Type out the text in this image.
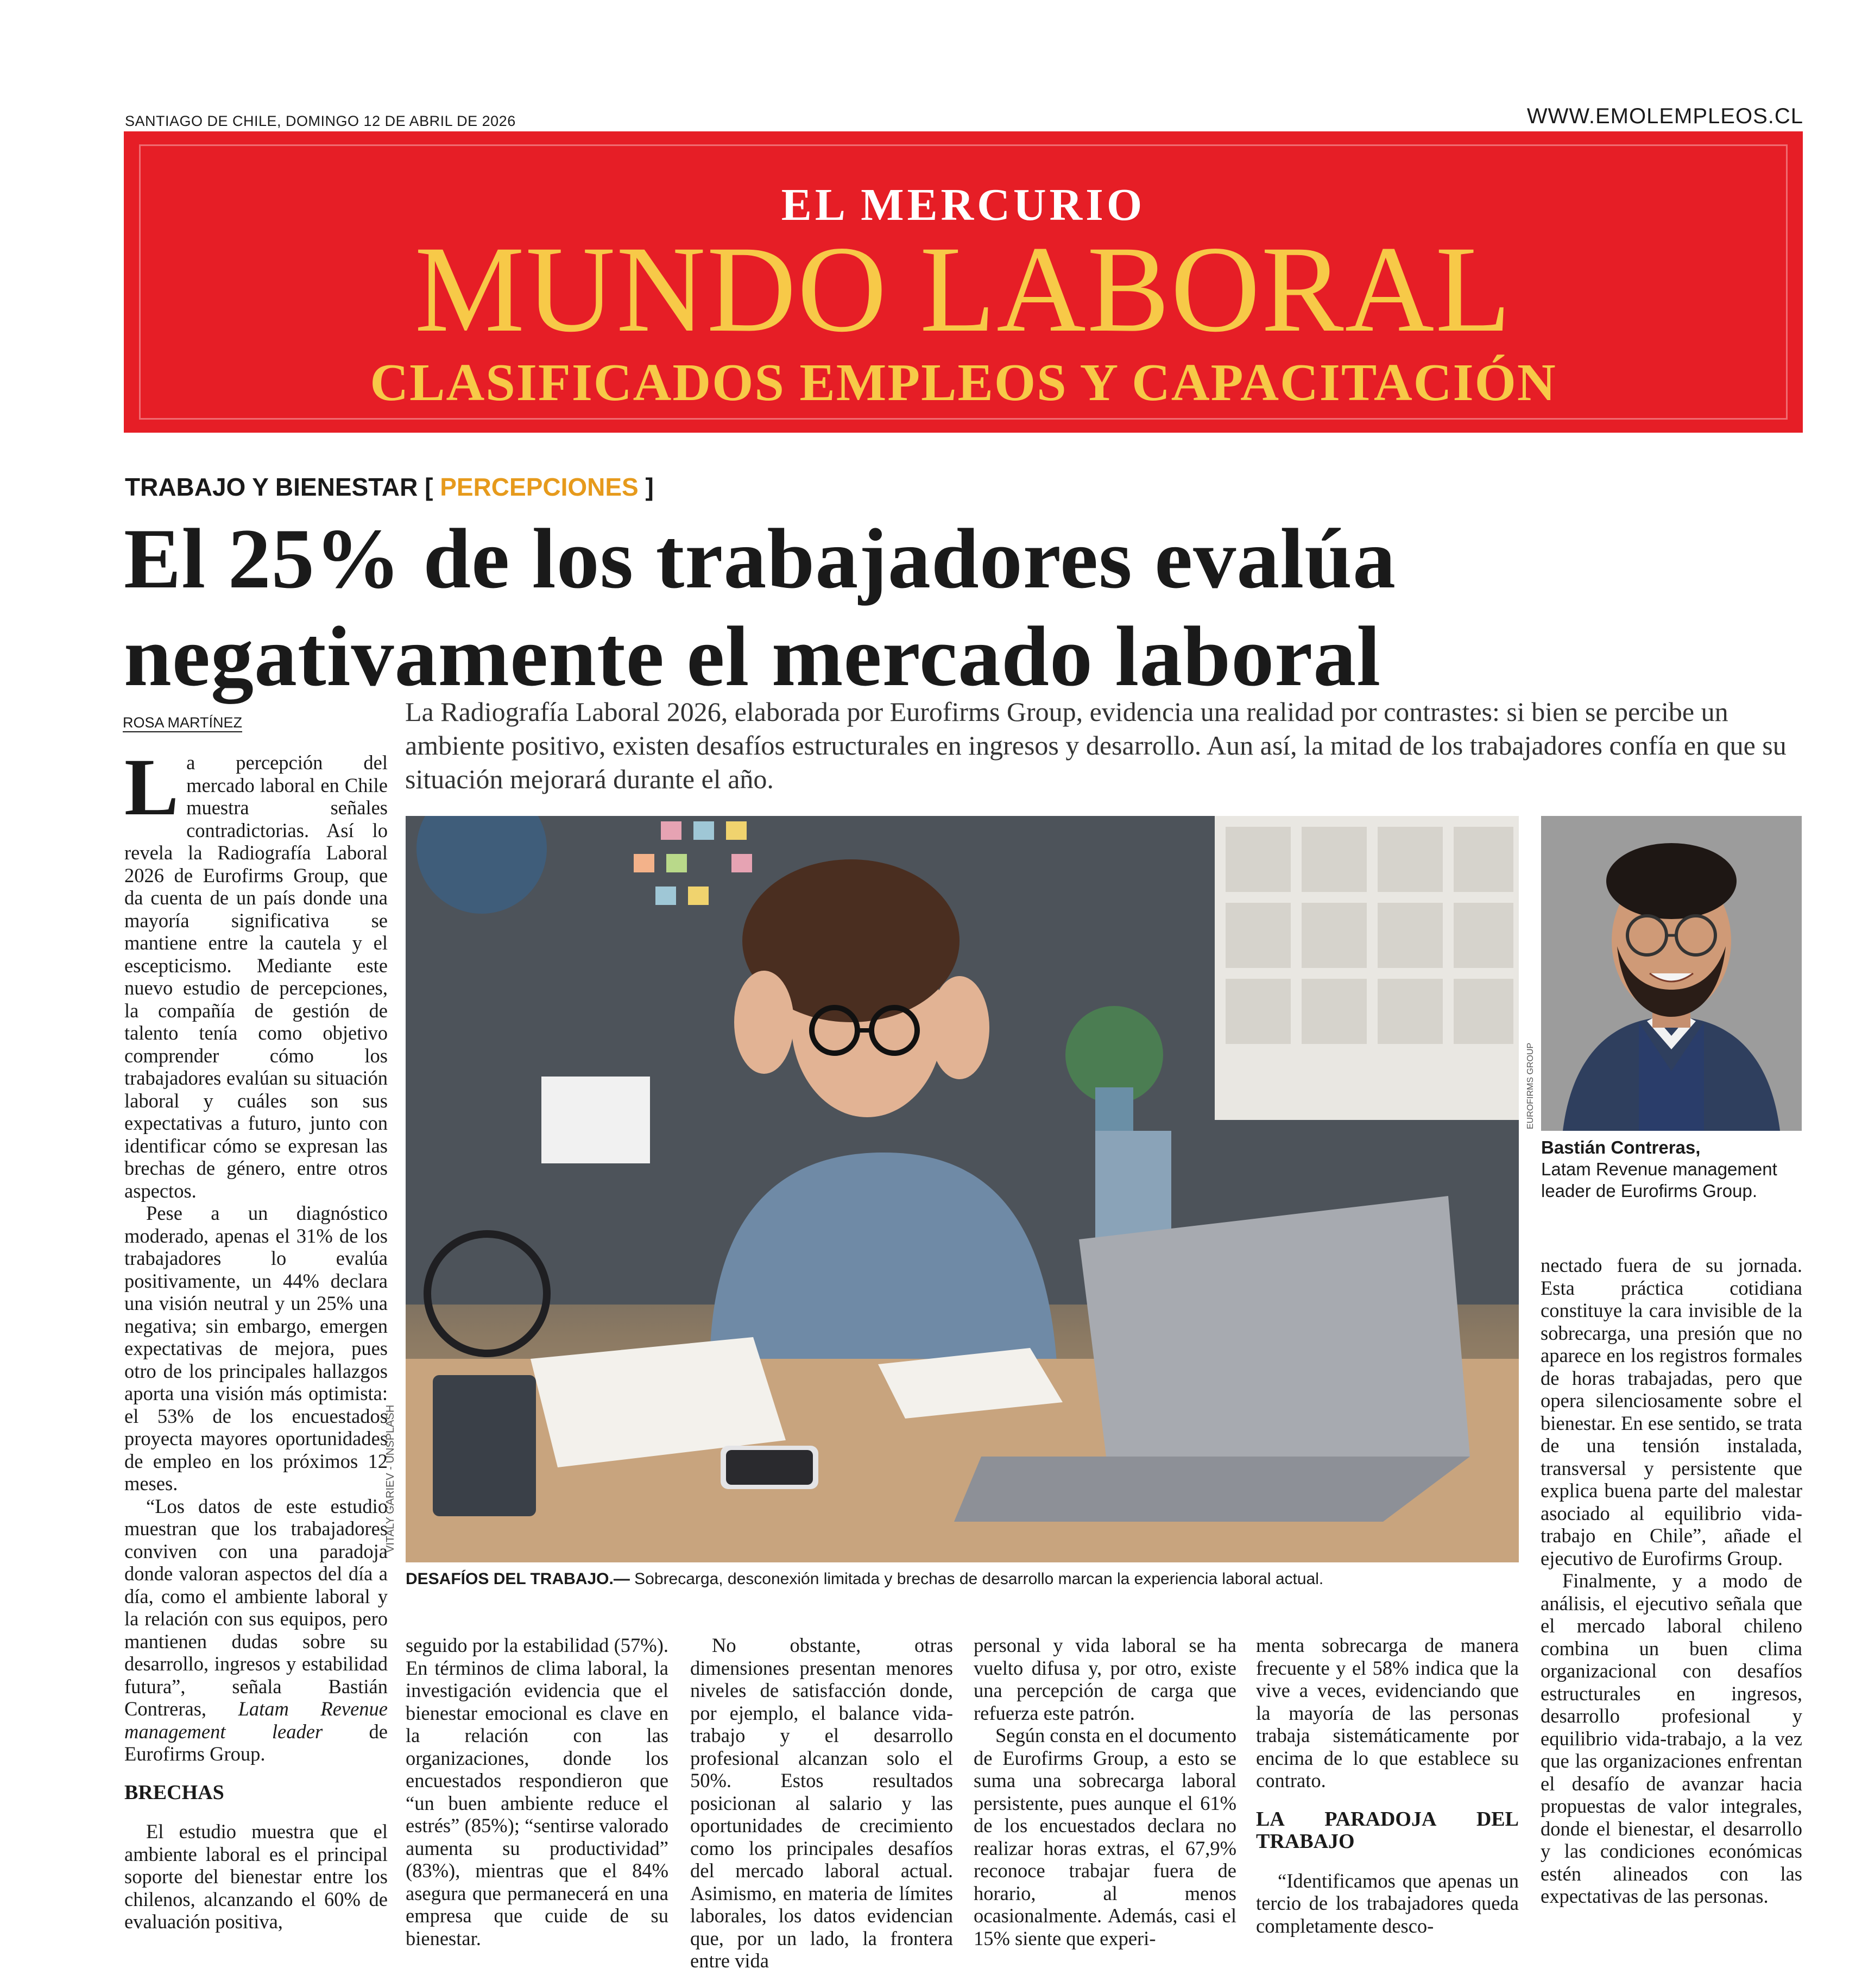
SANTIAGO DE CHILE, DOMINGO 12 DE ABRIL DE 2026	WWW.EMOLEMPLEOS.CL
EL MERCURIO
MUNDO LABORAL
CLASIFICADOS EMPLEOS Y CAPACITACIÓN
TRABAJO Y BIENESTAR [ PERCEPCIONES ]
El 25% de los trabajadores evalúa negativamente el mercado laboral
ROSA MARTÍNEZ	La Radiografía Laboral 2026, elaborada por Eurofirms Group, evidencia una realidad por contrastes: si bien se percibe un ambiente positivo, existen desafíos estructurales en ingresos y desarrollo. Aun así, la mitad de los trabajadores confía en que su situación mejorará durante el año.

La percepción del mercado laboral en Chile muestra señales contradictorias. Así lo revela la Radiografía Laboral 2026 de Eurofirms Group, que da cuenta de un país donde una mayoría significativa se mantiene entre la cautela y el escepticismo. Mediante este nuevo estudio de percepciones, la compañía de gestión de talento tenía como objetivo comprender cómo los trabajadores evalúan su situación laboral y cuáles son sus expectativas a futuro, junto con identificar cómo se expresan las brechas de género, entre otros aspectos.

Pese a un diagnóstico moderado, apenas el 31% de los trabajadores lo evalúa positivamente, un 44% declara una visión neutral y un 25% una negativa; sin embargo, emergen expectativas de mejora, pues otro de los principales hallazgos aporta una visión más optimista: el 53% de los encuestados proyecta mayores oportunidades de empleo en los próximos 12 meses.

“Los datos de este estudio muestran que los trabajadores conviven con una paradoja donde valoran aspectos del día a día, como el ambiente laboral y la relación con sus equipos, pero mantienen dudas sobre su desarrollo, ingresos y estabilidad futura”, señala Bastián Contreras, Latam Revenue management leader de Eurofirms Group.

BRECHAS

El estudio muestra que el ambiente laboral es el principal soporte del bienestar entre los chilenos, alcanzando el 60% de evaluación positiva,

VITALY GARIEV - UNSPLASH
DESAFÍOS DEL TRABAJO.— Sobrecarga, desconexión limitada y brechas de desarrollo marcan la experiencia laboral actual.
EUROFIRMS GROUP
Bastián Contreras,
Latam Revenue management
leader de Eurofirms Group.

seguido por la estabilidad (57%). En términos de clima laboral, la investigación evidencia que el bienestar emocional es clave en la relación con las organizaciones, donde los encuestados respondieron que “un buen ambiente reduce el estrés” (85%); “sentirse valorado aumenta su productividad” (83%), mientras que el 84% asegura que permanecerá en una empresa que cuide de su bienestar.

No obstante, otras dimensiones presentan menores niveles de satisfacción donde, por ejemplo, el balance vida-trabajo y el desarrollo profesional alcanzan solo el 50%. Estos resultados posicionan al salario y las oportunidades de crecimiento como los principales desafíos del mercado laboral actual. Asimismo, en materia de límites laborales, los datos evidencian que, por un lado, la frontera entre vida

personal y vida laboral se ha vuelto difusa y, por otro, existe una percepción de carga que refuerza este patrón.

Según consta en el documento de Eurofirms Group, a esto se suma una sobrecarga laboral persistente, pues aunque el 61% de los encuestados declara no realizar horas extras, el 67,9% reconoce trabajar fuera de horario, al menos ocasionalmente. Además, casi el 15% siente que experi-

menta sobrecarga de manera frecuente y el 58% indica que la vive a veces, evidenciando que la mayoría de las personas trabaja sistemáticamente por encima de lo que establece su contrato.

LA PARADOJA DEL TRABAJO

“Identificamos que apenas un tercio de los trabajadores queda completamente desco-

nectado fuera de su jornada. Esta práctica cotidiana constituye la cara invisible de la sobrecarga, una presión que no aparece en los registros formales de horas trabajadas, pero que opera silenciosamente sobre el bienestar. En ese sentido, se trata de una tensión instalada, transversal y persistente que explica buena parte del malestar asociado al equilibrio vida-trabajo en Chile”, añade el ejecutivo de Eurofirms Group.

Finalmente, y a modo de análisis, el ejecutivo señala que el mercado laboral chileno combina un buen clima organizacional con desafíos estructurales en ingresos, desarrollo profesional y equilibrio vida-trabajo, a la vez que las organizaciones enfrentan el desafío de avanzar hacia propuestas de valor integrales, donde el bienestar, el desarrollo y las condiciones económicas estén alineados con las expectativas de las personas.
